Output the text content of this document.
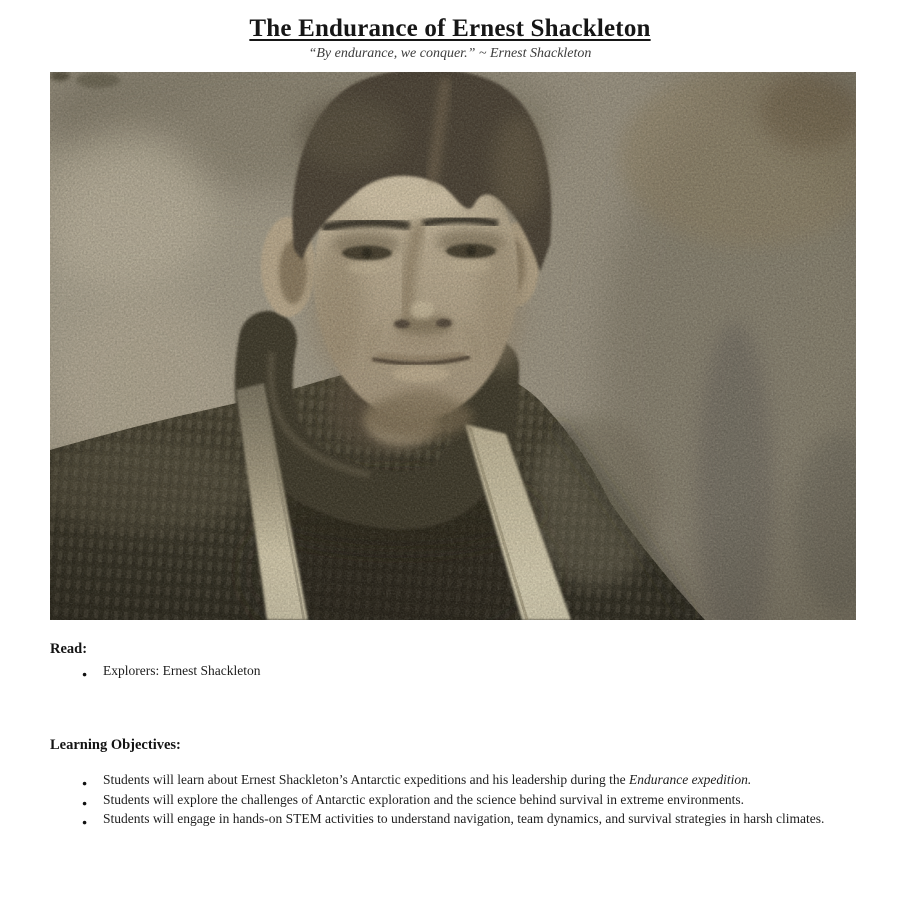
The Endurance of Ernest Shackleton

“By endurance, we conquer.” ~ Ernest Shackleton

Read:
● Explorers: Ernest Shackleton
Learning Objectives:
● Students will learn about Ernest Shackleton’s Antarctic expeditions and his leadership during the Endurance expedition.
● Students will explore the challenges of Antarctic exploration and the science behind survival in extreme environments.
● Students will engage in hands-on STEM activities to understand navigation, team dynamics, and survival strategies in harsh climates.
